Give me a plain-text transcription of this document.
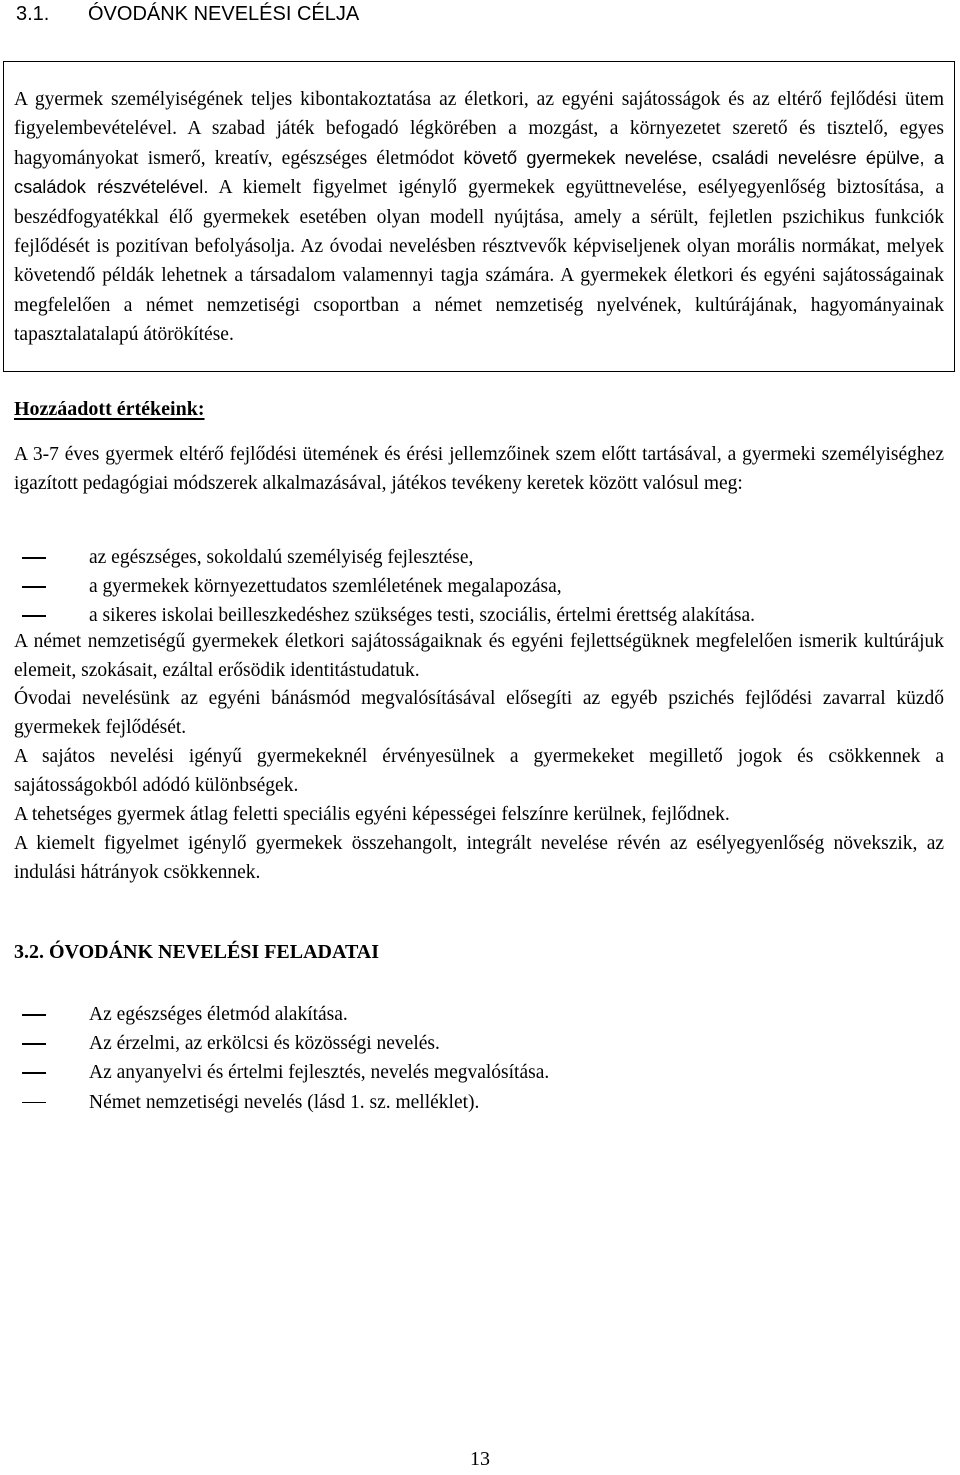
3.1. ÓVODÁNK NEVELÉSI CÉLJA

A gyermek személyiségének teljes kibontakoztatása az életkori, az egyéni sajátosságok és az eltérő fejlődési ütem figyelembevételével. A szabad játék befogadó légkörében a mozgást, a környezetet szerető és tisztelő, egyes hagyományokat ismerő, kreatív, egészséges életmódot követő gyermekek nevelése, családi nevelésre épülve, a családok részvételével. A kiemelt figyelmet igénylő gyermekek együttnevelése, esélyegyenlőség biztosítása, a beszédfogyatékkal élő gyermekek esetében olyan modell nyújtása, amely a sérült, fejletlen pszichikus funkciók fejlődését is pozitívan befolyásolja. Az óvodai nevelésben résztvevők képviseljenek olyan morális normákat, melyek követendő példák lehetnek a társadalom valamennyi tagja számára. A gyermekek életkori és egyéni sajátosságainak megfelelően a német nemzetiségi csoportban a német nemzetiség nyelvének, kultúrájának, hagyományainak tapasztalatalapú átörökítése.

Hozzáadott értékeink:

A 3-7 éves gyermek eltérő fejlődési ütemének és érési jellemzőinek szem előtt tartásával, a gyermeki személyiséghez igazított pedagógiai módszerek alkalmazásával, játékos tevékeny keretek között valósul meg:

az egészséges, sokoldalú személyiség fejlesztése,
a gyermekek környezettudatos szemléletének megalapozása,
a sikeres iskolai beilleszkedéshez szükséges testi, szociális, értelmi érettség alakítása.

A német nemzetiségű gyermekek életkori sajátosságaiknak és egyéni fejlettségüknek megfelelően ismerik kultúrájuk elemeit, szokásait, ezáltal erősödik identitástudatuk.

Óvodai nevelésünk az egyéni bánásmód megvalósításával elősegíti az egyéb pszichés fejlődési zavarral küzdő gyermekek fejlődését.

A sajátos nevelési igényű gyermekeknél érvényesülnek a gyermekeket megillető jogok és csökkennek a sajátosságokból adódó különbségek.

A tehetséges gyermek átlag feletti speciális egyéni képességei felszínre kerülnek, fejlődnek.

A kiemelt figyelmet igénylő gyermekek összehangolt, integrált nevelése révén az esélyegyenlőség növekszik, az indulási hátrányok csökkennek.

3.2. ÓVODÁNK NEVELÉSI FELADATAI
Az egészséges életmód alakítása.
Az érzelmi, az erkölcsi és közösségi nevelés.
Az anyanyelvi és értelmi fejlesztés, nevelés megvalósítása.
Német nemzetiségi nevelés (lásd 1. sz. melléklet).

13
